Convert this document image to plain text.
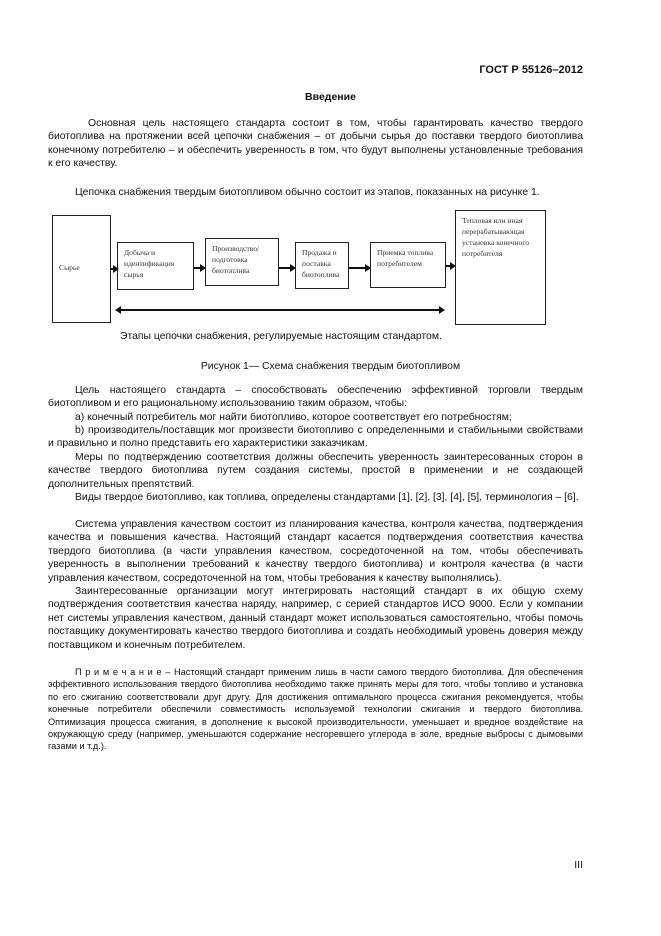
ГОСТ Р 55126–2012
Введение
Основная цель настоящего стандарта состоит в том, чтобы гарантировать качество твердого биотоплива на протяжении всей цепочки снабжения – от добычи сырья до поставки твердого биотоплива конечному потребителю – и обеспечить уверенность в том, что будут выполнены установленные требования к его качеству.
Цепочка снабжения твердым биотопливом обычно состоит из этапов, показанных на рисунке 1.
Сырье
Добыча и идентификация сырья
Производство/ подготовка биотоплива
Продажа и поставка биотоплива
Приемка топлива потребителем
Тепловая или иная перерабатывающая установка конечного потребителя
Этапы цепочки снабжения, регулируемые настоящим стандартом.
Рисунок 1— Схема снабжения твердым биотопливом
Цель настоящего стандарта – способствовать обеспечению эффективной торговли твердым биотопливом и его рациональному использованию таким образом, чтобы:
a) конечный потребитель мог найти биотопливо, которое соответствует его потребностям;
b) производитель/поставщик мог произвести биотопливо с определенными и стабильными свойствами и правильно и полно представить его характеристики заказчикам.
Меры по подтверждению соответствия должны обеспечить уверенность заинтересованных сторон в качестве твердого биотоплива путем создания системы, простой в применении и не создающей дополнительных препятствий.
Виды твердое биотопливо, как топлива, определены стандартами [1], [2], [3], [4], [5], терминология – [6].
Система управления качеством состоит из планирования качества, контроля качества, подтверждения качества и повышения качества. Настоящий стандарт касается подтверждения соответствия качества твердого биотоплива (в части управления качеством, сосредоточенной на том, чтобы обеспечивать уверенность в выполнении требований к качеству твердого биотоплива) и контроля качества (в части управления качеством, сосредоточенной на том, чтобы требования к качеству выполнялись).
Заинтересованные организации могут интегрировать настоящий стандарт в их общую схему подтверждения соответствия качества наряду, например, с серией стандартов ИСО 9000. Если у компании нет системы управления качеством, данный стандарт может использоваться самостоятельно, чтобы помочь поставщику документировать качество твердого биотоплива и создать необходимый уровень доверия между поставщиком и конечным потребителем.
П р и м е ч а н и е – Настоящий стандарт применим лишь в части самого твердого биотоплива. Для обеспечения эффективного использования твердого биотоплива необходимо также принять меры для того, чтобы топливо и установка по его сжиганию соответствовали друг другу. Для достижения оптимального процесса сжигания рекомендуется, чтобы конечные потребители обеспечили совместимость используемой технологии сжигания и твердого биотоплива. Оптимизация процесса сжигания, в дополнение к высокой производительности, уменьшает и вредное воздействие на окружающую среду (например, уменьшаются содержание несгоревшего углерода в золе, вредные выбросы с дымовыми газами и т.д.).
III
